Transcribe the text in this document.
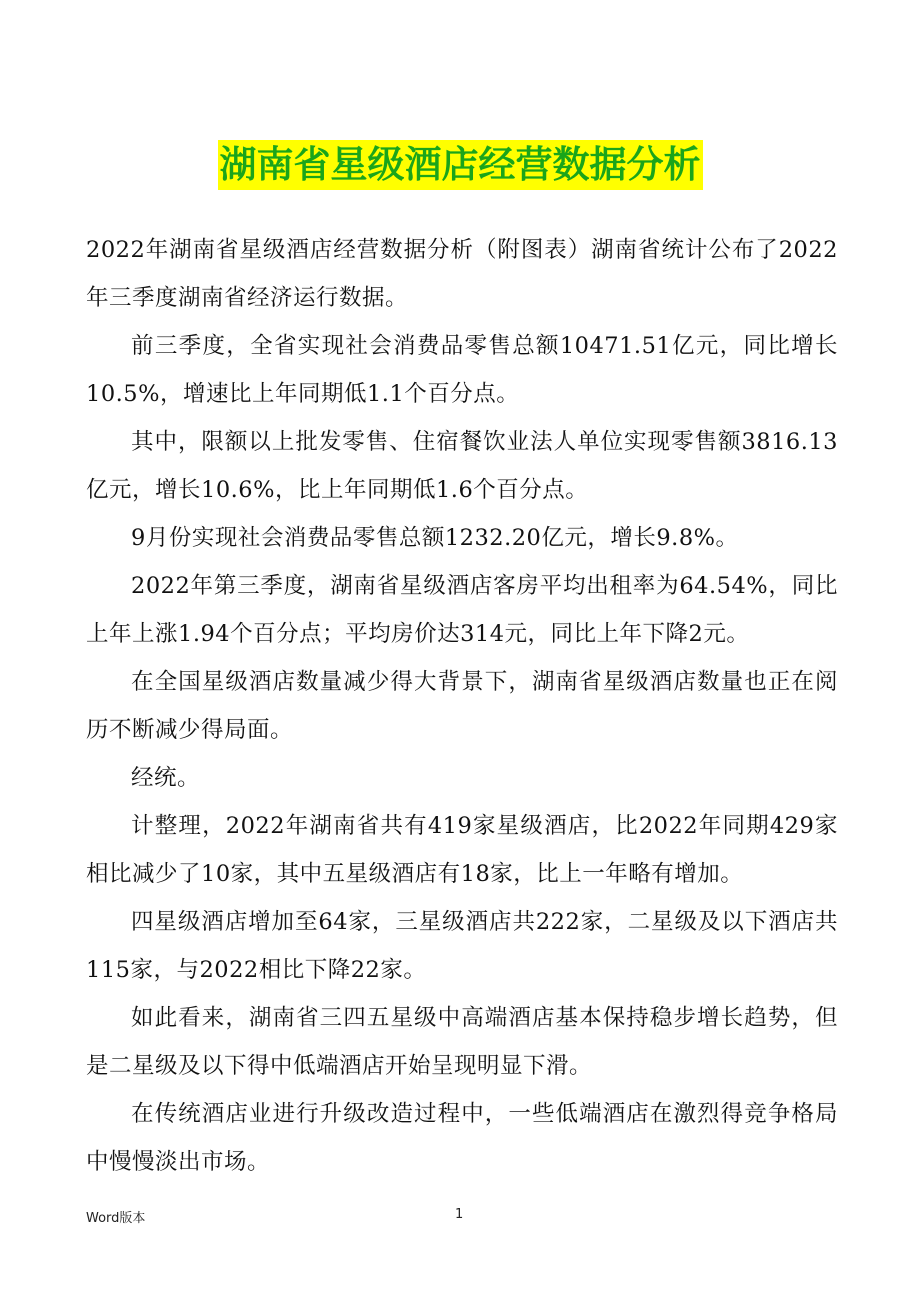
湖南省星级酒店经营数据分析

2022年湖南省星级酒店经营数据分析（附图表）湖南省统计公布了2022年三季度湖南省经济运行数据。

前三季度，全省实现社会消费品零售总额10471.51亿元，同比增长10.5%，增速比上年同期低1.1个百分点。

其中，限额以上批发零售、住宿餐饮业法人单位实现零售额3816.13亿元，增长10.6%，比上年同期低1.6个百分点。

9月份实现社会消费品零售总额1232.20亿元，增长9.8%。

2022年第三季度，湖南省星级酒店客房平均出租率为64.54%，同比上年上涨1.94个百分点；平均房价达314元，同比上年下降2元。

在全国星级酒店数量减少得大背景下，湖南省星级酒店数量也正在阅历不断减少得局面。

经统。

计整理，2022年湖南省共有419家星级酒店，比2022年同期429家相比减少了10家，其中五星级酒店有18家，比上一年略有增加。

四星级酒店增加至64家，三星级酒店共222家，二星级及以下酒店共115家，与2022相比下降22家。

如此看来，湖南省三四五星级中高端酒店基本保持稳步增长趋势，但是二星级及以下得中低端酒店开始呈现明显下滑。

在传统酒店业进行升级改造过程中，一些低端酒店在激烈得竞争格局中慢慢淡出市场。

Word版本	1
